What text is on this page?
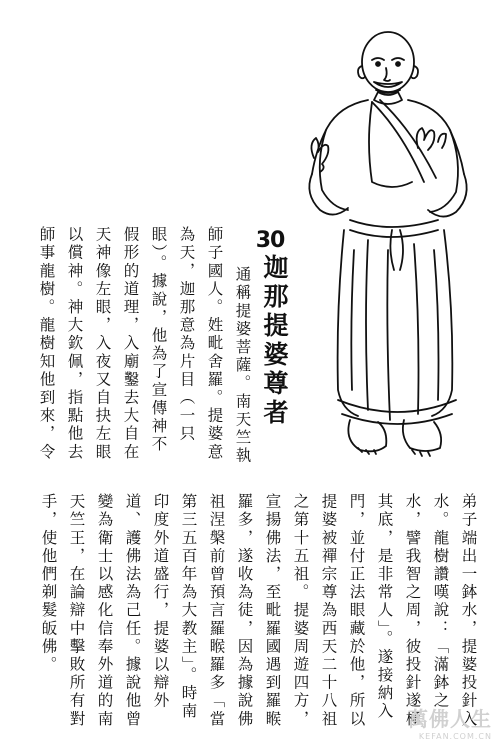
30
迦那提婆尊者
通稱提婆菩薩。南天竺執
師子國人。姓毗舍羅。提婆意
為天，迦那意為片目（一只
眼）。據說，他為了宣傳神不
假形的道理，入廟鑿去大自在
天神像左眼，入夜又自抉左眼
以償神。神大欽佩，指點他去
師事龍樹。龍樹知他到來，令
弟子端出一鉢水，提婆投針入
水。龍樹讚嘆說：「滿鉢之
水，譬我智之周，彼投針遂極
其底，是非常人」。遂接納入
門，並付正法眼藏於他，所以
提婆被禪宗尊為西天二十八祖
之第十五祖。提婆周遊四方，
宣揚佛法，至毗羅國遇到羅睺
羅多，遂收為徒，因為據說佛
祖涅槃前曾預言羅睺羅多「當
第三五百年為大教主」。時南
印度外道盛行，提婆以辯外
道、護佛法為己任。據說他曾
變為衛士以感化信奉外道的南
天竺王，在論辯中擊敗所有對
手，使他們剃髮皈佛。
萬佛人生
KEFAN.COM.CN
